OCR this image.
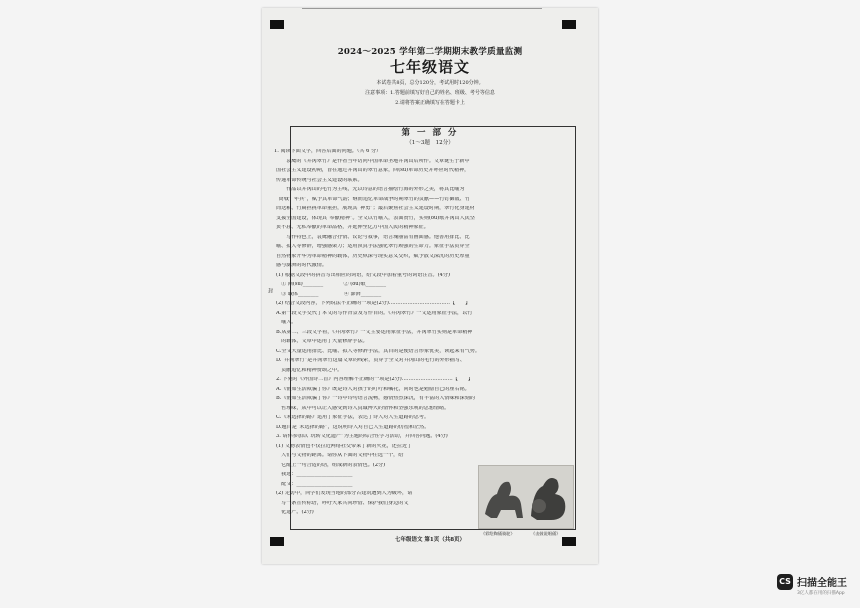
2024～2025 学年第二学期期末教学质量监测
七年级语文
本试卷共8页，总分120分，考试用时120分钟。
注意事项：1.答题前填写好自己的姓名、班级、考号等信息
2.请将答案正确填写在答题卡上
封
第 一 部 分
（1～3题　12分）
1. 阅读下面文字，回答后面的问题。（共 6 分）
　　袁鹰的《井冈翠竹》是作者当年访问中国革命圣地井冈山后所作。文章诞生于新中
国社会主义建设初期，旨在通过井冈山的翠竹意象，回(sù)革命历史并呼应时代精神，
传递革命传统与社会主义建设的联系。
　　作品以井冈山的毛竹为主线，先以诗意的语言描绘竹海的外形之美，将其比喻为
“筒戟”“年兵”，赋予其革命气韵；继而追忆革命战争时期翠竹的贡献——竹钉御敌、竹
筒送粮、竹扁担挑革命重担，展现其“神勇”；最后聚焦社会主义建设时期，翠竹化身建材
支援全国建设，体现其“奉献精神”。全文以竹喻人，表面赞竹，实则(ōu)歌井冈山人民坚
贞不屈、无私奉献的革命品格，并延伸至亿万中国人民的精神象征。
　　写作特色上，袁鹰融合抒情、议论与叙事，语言瑰丽富有画面感。他善用排比、比
喻、拟人等修辞，增强感染力；运用顶真手法强化翠竹顽强的生命力。象征手法贯穿全
自然物象升华为革命精神的载体，历史纵深与现实意义交织，赋予散文深沉的历史厚重
感与澎湃的时代激情。
(1) 根据文段中的拼音写出相应的词语，给文段中加着重号的词语注音。(4分)
　① 回(sù)________　　　　② (ōu)歌________
　③ 载体________　　　　　④ 澎湃________
(2) 结合文段内容，下列说法不正确的一项是(2分)………………………………【　　】
A.第一段文字交代了本文的写作背景及写作目的。《井冈翠竹》一文运用象征手法，以竹
　喻人。
B.从第二、三段文字看，《井冈翠竹》一文主要运用象征手法，井冈翠竹实则是革命精神
　的载体，文章中运用了大量修辞手法。
C.全文大量运用排比、比喻、拟人等修辞手法，其目的是使语言形象优美，读起来有气势。
D.“井冈翠竹”是井冈翠竹这篇文章的线索，贯穿于全文对井冈山的毛竹的外形描写、
　贡献追忆和精神赞颂之中。
2. 下列对《外国诗二首》内容理解不正确的一项是(2分)…………………………【　　】
A.《假如生活欺骗了你》既是诗人对孩子的叮咛和嘱托，同时也是勉励自己的座右铭。
B.《假如生活欺骗了你》一诗中诗句语言流畅，感情热烈深沉，有丰富的人情味和深刻的
　哲理味，从中可以让人感受到诗人真诚博大的情怀和坚强乐观的思想情绪。
C.《未选择的路》运用了象征手法，表达了诗人对人生道路的思考。
D.题目是“未选择的路”，这说明诗人对自己人生道路的仿徨和茫然。
3. 请你参加以“玩转文化遗产”为主题的综合性学习活动，并回答问题。(4分)
(1) 文物表情包不仅拉近网络社交带来了新的火花，还拉近了
　人们与文物的距离。请你从下面的文物中任选一个，给
　它配上一句合适的话，组成新的表情包。(2分)
　我选：______________________
　配文：______________________
(2) 走访中，同学们发现当地的部分古建筑遭到人为破坏，请
　写一条宣传标语，呼吁大家共同珍惜、保护我们身边的文
　化遗产。(2分)
《彩绘陶俑骑驼》	《击鼓说唱俑》
七年级语文 第1页（共8页）
CS 扫描全能王
3亿人都在用的扫描App
